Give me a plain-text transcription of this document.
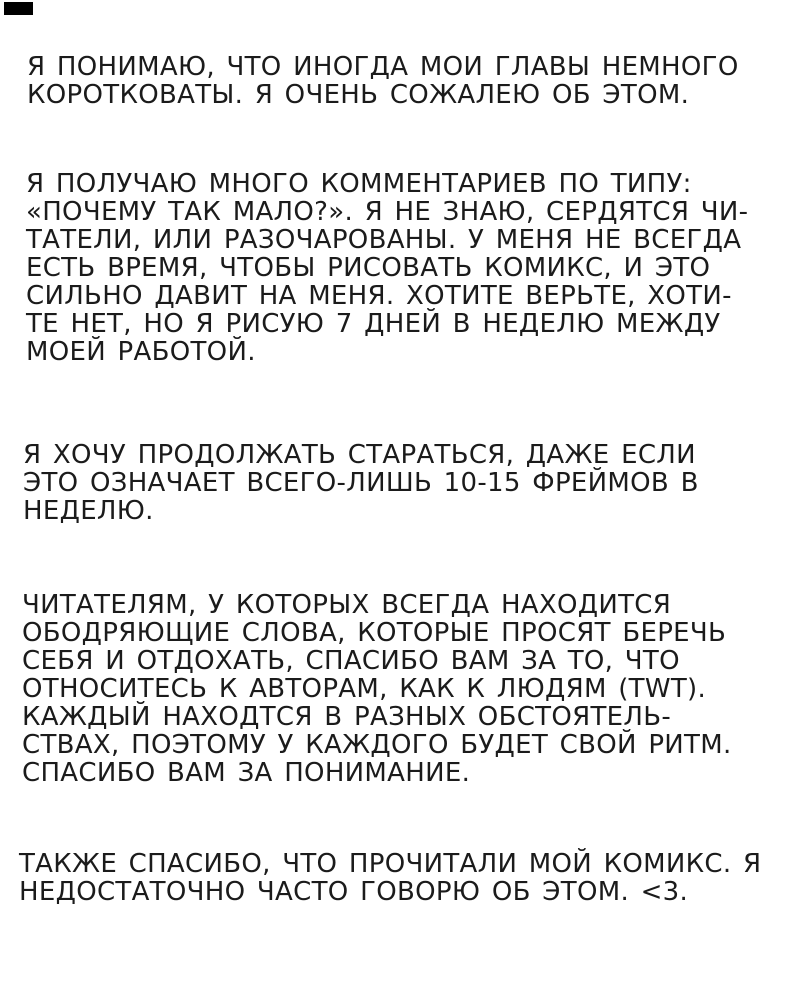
Я ПОНИМАЮ, ЧТО ИНОГДА МОИ ГЛАВЫ НЕМНОГО
КОРОТКОВАТЫ. Я ОЧЕНЬ СОЖАЛЕЮ ОБ ЭТОМ.
Я ПОЛУЧАЮ МНОГО КОММЕНТАРИЕВ ПО ТИПУ:
«ПОЧЕМУ ТАК МАЛО?». Я НЕ ЗНАЮ, СЕРДЯТСЯ ЧИ-
ТАТЕЛИ, ИЛИ РАЗОЧАРОВАНЫ. У МЕНЯ НЕ ВСЕГДА
ЕСТЬ ВРЕМЯ, ЧТОБЫ РИСОВАТЬ КОМИКС, И ЭТО
СИЛЬНО ДАВИТ НА МЕНЯ. ХОТИТЕ ВЕРЬТЕ, ХОТИ-
ТЕ НЕТ, НО Я РИСУЮ 7 ДНЕЙ В НЕДЕЛЮ МЕЖДУ
МОЕЙ РАБОТОЙ.
Я ХОЧУ ПРОДОЛЖАТЬ СТАРАТЬСЯ, ДАЖЕ ЕСЛИ
ЭТО ОЗНАЧАЕТ ВСЕГО-ЛИШЬ 10-15 ФРЕЙМОВ В
НЕДЕЛЮ.
ЧИТАТЕЛЯМ, У КОТОРЫХ ВСЕГДА НАХОДИТСЯ
ОБОДРЯЮЩИЕ СЛОВА, КОТОРЫЕ ПРОСЯТ БЕРЕЧЬ
СЕБЯ И ОТДОХАТЬ, СПАСИБО ВАМ ЗА ТО, ЧТО
ОТНОСИТЕСЬ К АВТОРАМ, КАК К ЛЮДЯМ (TWT).
КАЖДЫЙ НАХОДТСЯ В РАЗНЫХ ОБСТОЯТЕЛЬ-
СТВАХ, ПОЭТОМУ У КАЖДОГО БУДЕТ СВОЙ РИТМ.
СПАСИБО ВАМ ЗА ПОНИМАНИЕ.
ТАКЖЕ СПАСИБО, ЧТО ПРОЧИТАЛИ МОЙ КОМИКС. Я
НЕДОСТАТОЧНО ЧАСТО ГОВОРЮ ОБ ЭТОМ. <3.
